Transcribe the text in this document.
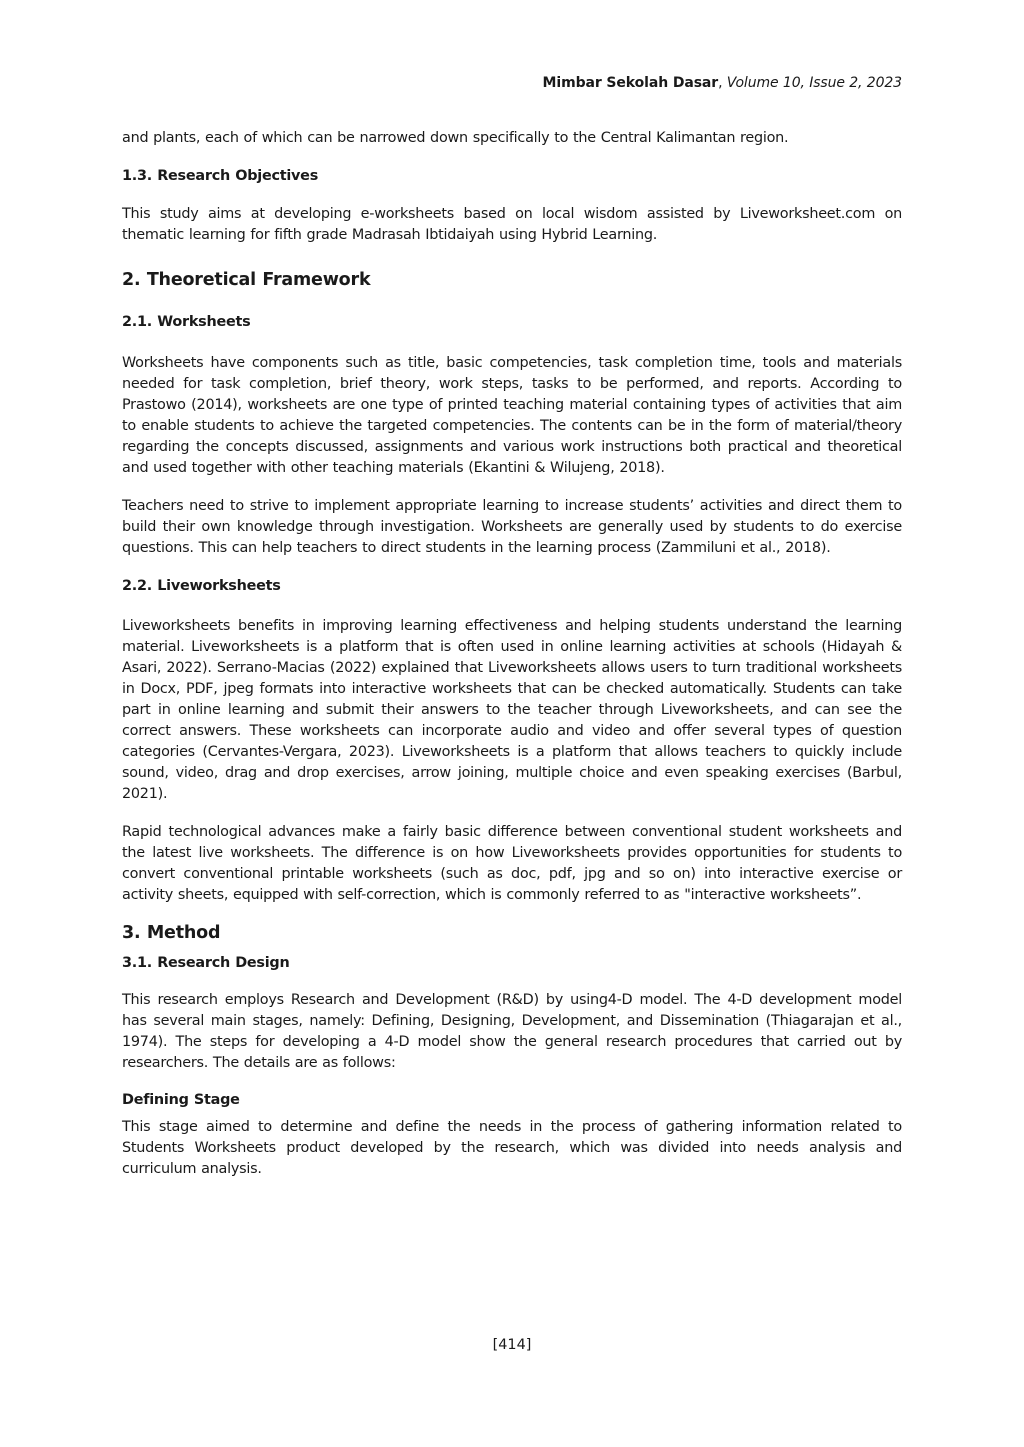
Mimbar Sekolah Dasar, Volume 10, Issue 2, 2023

and plants, each of which can be narrowed down specifically to the Central Kalimantan region.

1.3. Research Objectives

This study aims at developing e-worksheets based on local wisdom assisted by Liveworksheet.com on thematic learning for fifth grade Madrasah Ibtidaiyah using Hybrid Learning.

2. Theoretical Framework
2.1. Worksheets

Worksheets have components such as title, basic competencies, task completion time, tools and materials needed for task completion, brief theory, work steps, tasks to be performed, and reports. According to Prastowo (2014), worksheets are one type of printed teaching material containing types of activities that aim to enable students to achieve the targeted competencies. The contents can be in the form of material/theory regarding the concepts discussed, assignments and various work instructions both practical and theoretical and used together with other teaching materials (Ekantini & Wilujeng, 2018).

Teachers need to strive to implement appropriate learning to increase students’ activities and direct them to build their own knowledge through investigation. Worksheets are generally used by students to do exercise questions. This can help teachers to direct students in the learning process (Zammiluni et al., 2018).

2.2. Liveworksheets

Liveworksheets benefits in improving learning effectiveness and helping students understand the learning material. Liveworksheets is a platform that is often used in online learning activities at schools (Hidayah & Asari, 2022). Serrano-Macias (2022) explained that Liveworksheets allows users to turn traditional worksheets in Docx, PDF, jpeg formats into interactive worksheets that can be checked automatically. Students can take part in online learning and submit their answers to the teacher through Liveworksheets, and can see the correct answers. These worksheets can incorporate audio and video and offer several types of question categories (Cervantes-Vergara, 2023). Liveworksheets is a platform that allows teachers to quickly include sound, video, drag and drop exercises, arrow joining, multiple choice and even speaking exercises (Barbul, 2021).

Rapid technological advances make a fairly basic difference between conventional student worksheets and the latest live worksheets. The difference is on how Liveworksheets provides opportunities for students to convert conventional printable worksheets (such as doc, pdf, jpg and so on) into interactive exercise or activity sheets, equipped with self-correction, which is commonly referred to as "interactive worksheets”.

3. Method
3.1. Research Design

This research employs Research and Development (R&D) by using4-D model. The 4-D development model has several main stages, namely: Defining, Designing, Development, and Dissemination (Thiagarajan et al., 1974). The steps for developing a 4-D model show the general research procedures that carried out by researchers. The details are as follows:

Defining Stage

This stage aimed to determine and define the needs in the process of gathering information related to Students Worksheets product developed by the research, which was divided into needs analysis and curriculum analysis.

[414]
